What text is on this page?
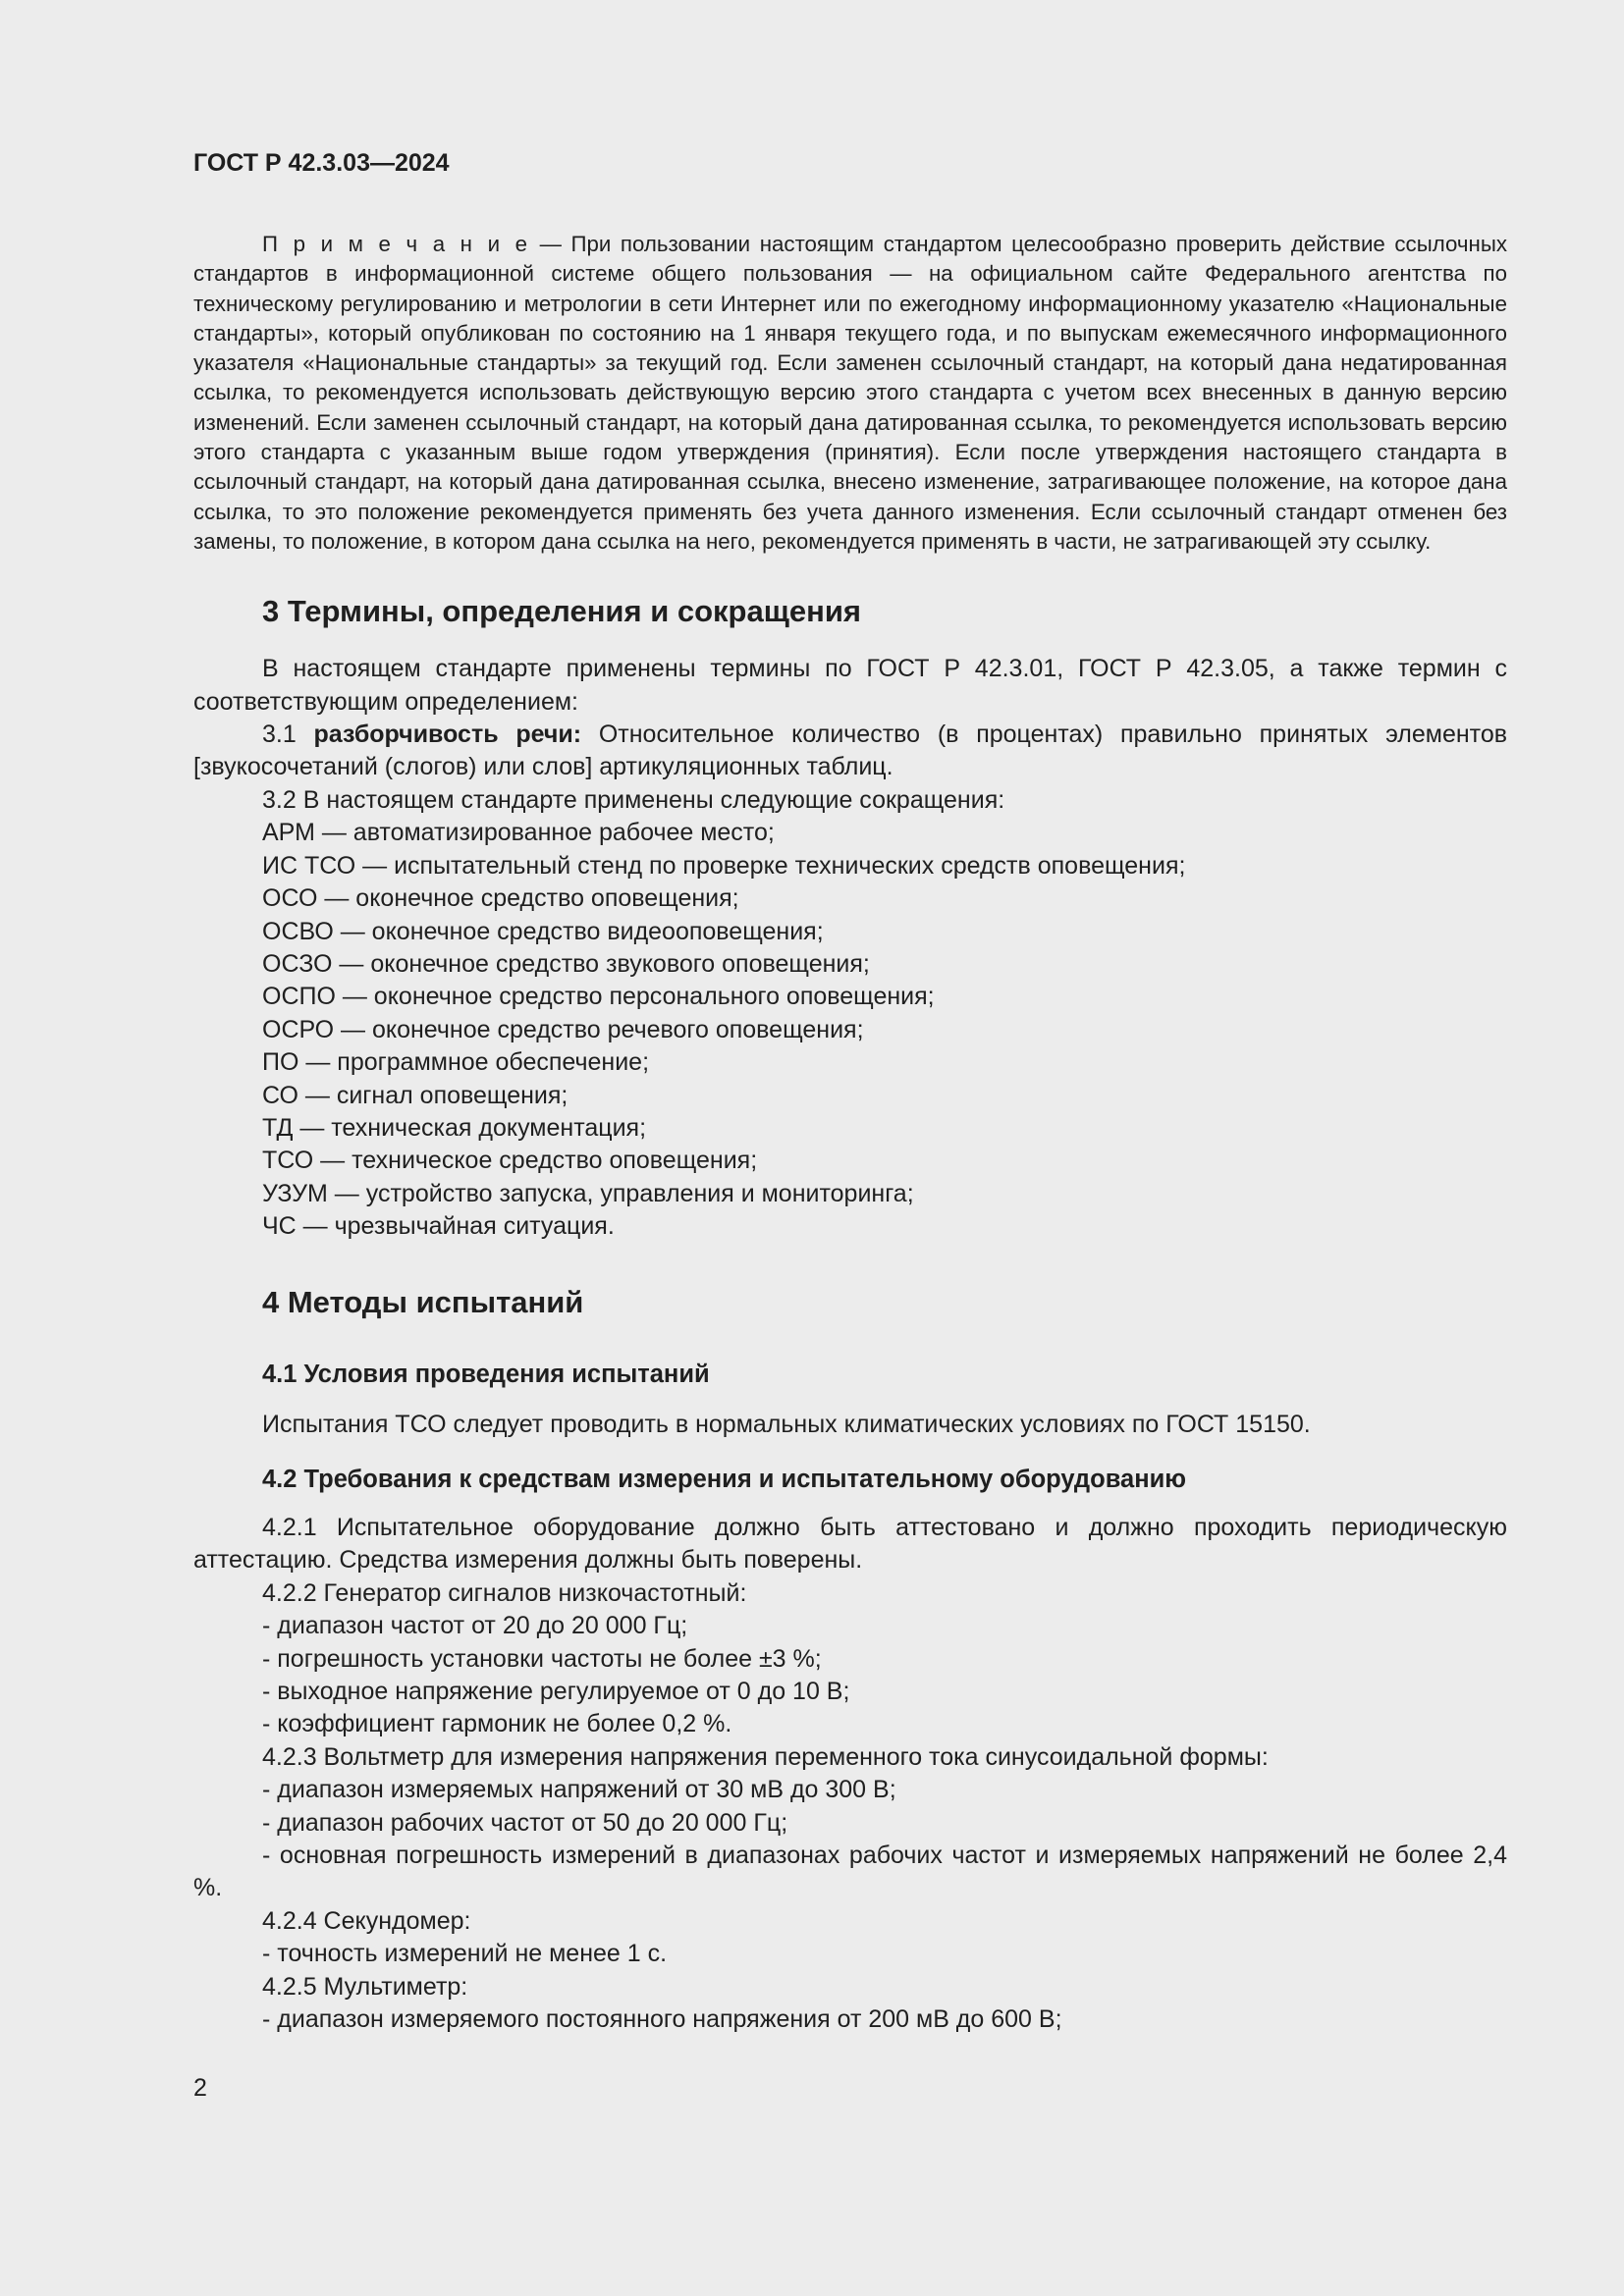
ГОСТ Р 42.3.03—2024

П р и м е ч а н и е — При пользовании настоящим стандартом целесообразно проверить действие ссылочных стандартов в информационной системе общего пользования — на официальном сайте Федерального агентства по техническому регулированию и метрологии в сети Интернет или по ежегодному информационному указателю «Национальные стандарты», который опубликован по состоянию на 1 января текущего года, и по выпускам ежемесячного информационного указателя «Национальные стандарты» за текущий год. Если заменен ссылочный стандарт, на который дана недатированная ссылка, то рекомендуется использовать действующую версию этого стандарта с учетом всех внесенных в данную версию изменений. Если заменен ссылочный стандарт, на который дана датированная ссылка, то рекомендуется использовать версию этого стандарта с указанным выше годом утверждения (принятия). Если после утверждения настоящего стандарта в ссылочный стандарт, на который дана датированная ссылка, внесено изменение, затрагивающее положение, на которое дана ссылка, то это положение рекомендуется применять без учета данного изменения. Если ссылочный стандарт отменен без замены, то положение, в котором дана ссылка на него, рекомендуется применять в части, не затрагивающей эту ссылку.

3 Термины, определения и сокращения

В настоящем стандарте применены термины по ГОСТ Р 42.3.01, ГОСТ Р 42.3.05, а также термин с соответствующим определением:

3.1 разборчивость речи: Относительное количество (в процентах) правильно принятых элементов [звукосочетаний (слогов) или слов] артикуляционных таблиц.

3.2 В настоящем стандарте применены следующие сокращения:

АРМ — автоматизированное рабочее место;

ИС ТСО — испытательный стенд по проверке технических средств оповещения;

ОСО — оконечное средство оповещения;

ОСВО — оконечное средство видеооповещения;

ОСЗО — оконечное средство звукового оповещения;

ОСПО — оконечное средство персонального оповещения;

ОСРО — оконечное средство речевого оповещения;

ПО — программное обеспечение;

СО — сигнал оповещения;

ТД — техническая документация;

ТСО — техническое средство оповещения;

УЗУМ — устройство запуска, управления и мониторинга;

ЧС — чрезвычайная ситуация.

4 Методы испытаний
4.1 Условия проведения испытаний

Испытания ТСО следует проводить в нормальных климатических условиях по ГОСТ 15150.

4.2 Требования к средствам измерения и испытательному оборудованию

4.2.1 Испытательное оборудование должно быть аттестовано и должно проходить периодическую аттестацию. Средства измерения должны быть поверены.

4.2.2 Генератор сигналов низкочастотный:

- диапазон частот от 20 до 20 000 Гц;

- погрешность установки частоты не более ±3 %;

- выходное напряжение регулируемое от 0 до 10 В;

- коэффициент гармоник не более 0,2 %.

4.2.3 Вольтметр для измерения напряжения переменного тока синусоидальной формы:

- диапазон измеряемых напряжений от 30 мВ до 300 В;

- диапазон рабочих частот от 50 до 20 000 Гц;

- основная погрешность измерений в диапазонах рабочих частот и измеряемых напряжений не более 2,4 %.

4.2.4 Секундомер:

- точность измерений не менее 1 с.

4.2.5 Мультиметр:

- диапазон измеряемого постоянного напряжения от 200 мВ до 600 В;

2
